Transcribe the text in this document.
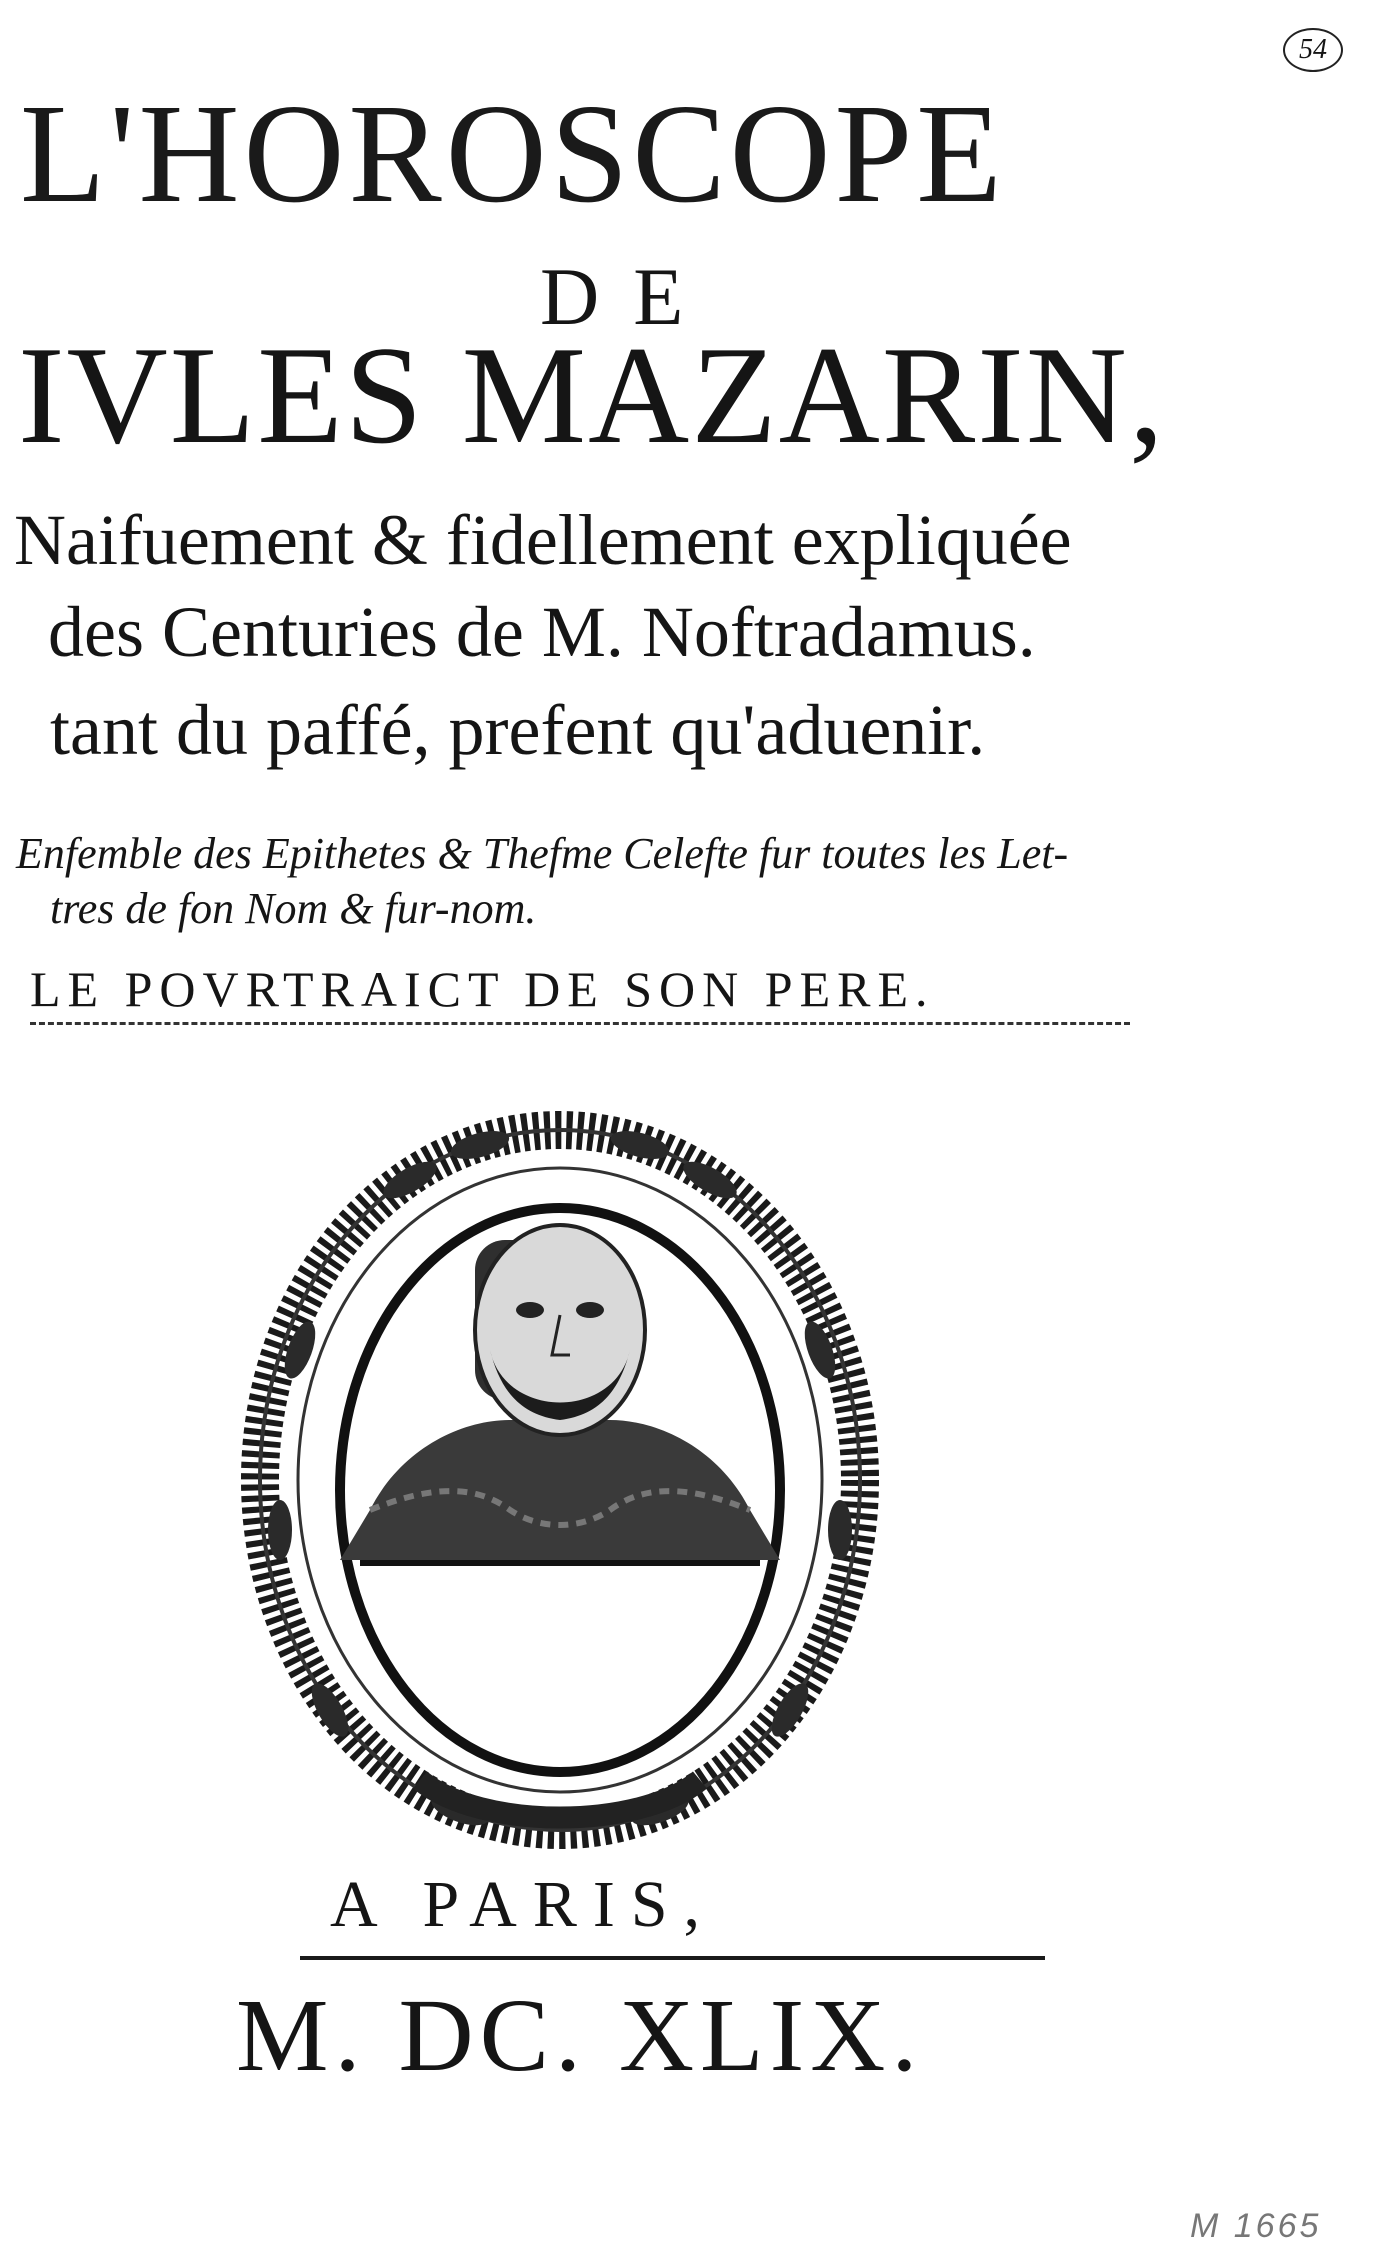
54
L'HOROSCOPE
DE
IVLES MAZARIN,
Naifuement & fidellement expliquée
des Centuries de M. Noftradamus.
tant du paffé, prefent qu'aduenir.
Enfemble des Epithetes & Thefme Celefte fur toutes les Let-
tres de fon Nom & fur-nom.
LE POVRTRAICT DE SON PERE.
A PARIS,
M. DC. XLIX.
M 1665
